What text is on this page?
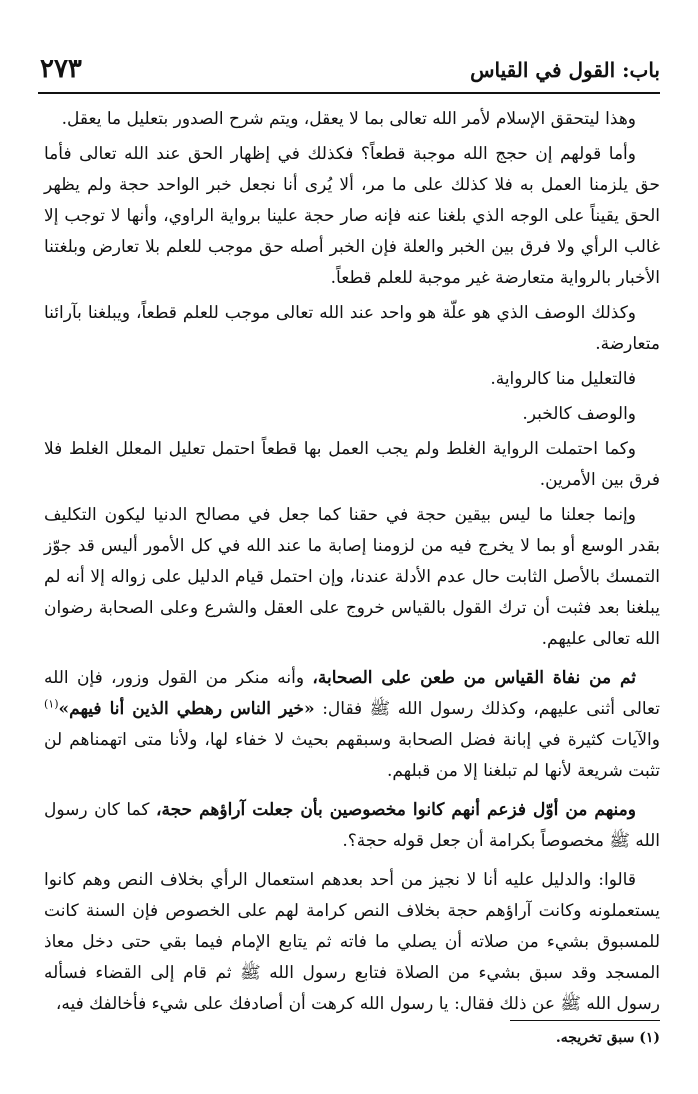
باب: القول في القياس
٢٧٣

وهذا ليتحقق الإسلام لأمر الله تعالى بما لا يعقل، ويتم شرح الصدور بتعليل ما يعقل.

وأما قولهم إن حجج الله موجبة قطعاً؟ فكذلك في إظهار الحق عند الله تعالى فأما حق يلزمنا العمل به فلا كذلك على ما مر، ألا يُرى أنا نجعل خبر الواحد حجة ولم يظهر الحق يقيناً على الوجه الذي بلغنا عنه فإنه صار حجة علينا برواية الراوي، وأنها لا توجب إلا غالب الرأي ولا فرق بين الخبر والعلة فإن الخبر أصله حق موجب للعلم بلا تعارض وبلغتنا الأخبار بالرواية متعارضة غير موجبة للعلم قطعاً.

وكذلك الوصف الذي هو علّة هو واحد عند الله تعالى موجب للعلم قطعاً، ويبلغنا بآرائنا متعارضة.

فالتعليل منا كالرواية.

والوصف كالخبر.

وكما احتملت الرواية الغلط ولم يجب العمل بها قطعاً احتمل تعليل المعلل الغلط فلا فرق بين الأمرين.

وإنما جعلنا ما ليس بيقين حجة في حقنا كما جعل في مصالح الدنيا ليكون التكليف بقدر الوسع أو بما لا يخرج فيه من لزومنا إصابة ما عند الله في كل الأمور أليس قد جوّز التمسك بالأصل الثابت حال عدم الأدلة عندنا، وإن احتمل قيام الدليل على زواله إلا أنه لم يبلغنا بعد فثبت أن ترك القول بالقياس خروج على العقل والشرع وعلى الصحابة رضوان الله تعالى عليهم.

ثم من نفاة القياس من طعن على الصحابة، وأنه منكر من القول وزور، فإن الله تعالى أثنى عليهم، وكذلك رسول الله ﷺ فقال: «خير الناس رهطي الذين أنا فيهم»$^{(١)}$ والآيات كثيرة في إبانة فضل الصحابة وسبقهم بحيث لا خفاء لها، ولأنا متى اتهمناهم لن تثبت شريعة لأنها لم تبلغنا إلا من قبلهم.

ومنهم من أوّل فزعم أنهم كانوا مخصوصين بأن جعلت آراؤهم حجة، كما كان رسول الله ﷺ مخصوصاً بكرامة أن جعل قوله حجة؟.

قالوا: والدليل عليه أنا لا نجيز من أحد بعدهم استعمال الرأي بخلاف النص وهم كانوا يستعملونه وكانت آراؤهم حجة بخلاف النص كرامة لهم على الخصوص فإن السنة كانت للمسبوق بشيء من صلاته أن يصلي ما فاته ثم يتابع الإمام فيما بقي حتى دخل معاذ المسجد وقد سبق بشيء من الصلاة فتابع رسول الله ﷺ ثم قام إلى القضاء فسأله رسول الله ﷺ عن ذلك فقال: يا رسول الله كرهت أن أصادفك على شيء فأخالفك فيه،

(١) سبق تخريجه.
